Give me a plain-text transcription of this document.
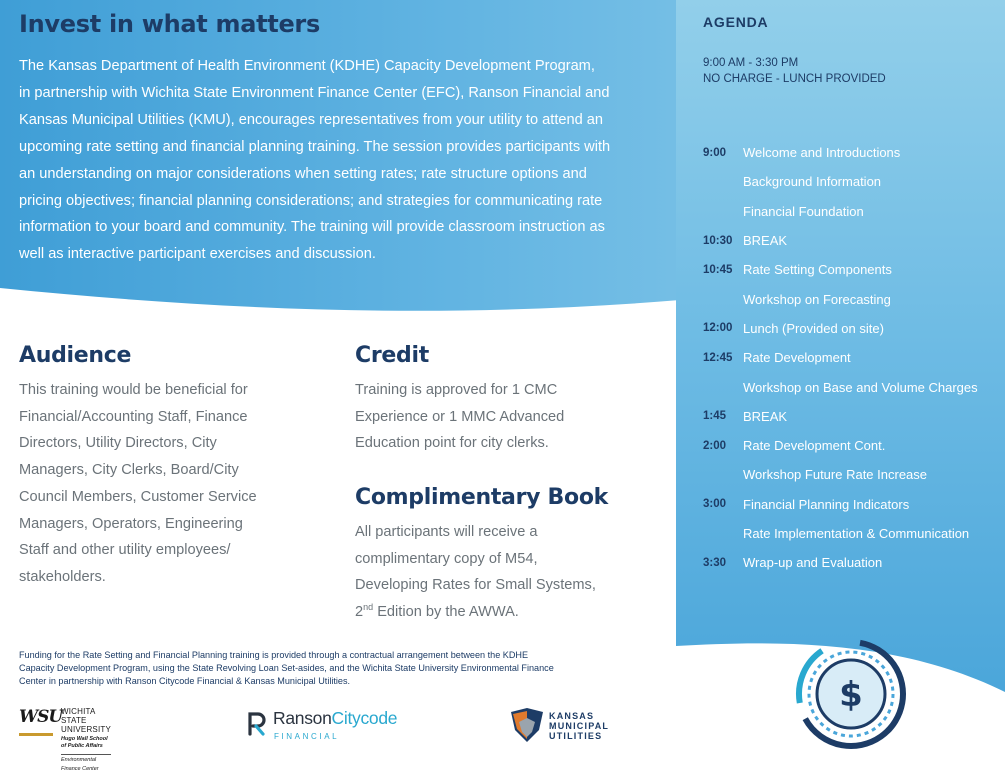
Invest in what matters
The Kansas Department of Health Environment (KDHE) Capacity Development Program,
in partnership with Wichita State Environment Finance Center (EFC), Ranson Financial and
Kansas Municipal Utilities (KMU), encourages representatives from your utility to attend an
upcoming rate setting and financial planning training. The session provides participants with
an understanding on major considerations when setting rates; rate structure options and
pricing objectives; financial planning considerations; and strategies for communicating rate
information to your board and community. The training will provide classroom instruction as
well as interactive participant exercises and discussion.
Audience
This training would be beneficial for
Financial/Accounting Staff, Finance
Directors, Utility Directors, City
Managers, City Clerks, Board/City
Council Members, Customer Service
Managers, Operators, Engineering
Staff and other utility employees/
stakeholders.
Credit
Training is approved for 1 CMC
Experience or 1 MMC Advanced
Education point for city clerks.
Complimentary Book
All participants will receive a
complimentary copy of M54,
Developing Rates for Small Systems,
2nd Edition by the AWWA.
AGENDA
9:00 AM - 3:30 PM
NO CHARGE - LUNCH PROVIDED
9:00	Welcome and Introductions
Background Information
Financial Foundation
10:30 BREAK
10:45 Rate Setting Components
Workshop on Forecasting
12:00 Lunch (Provided on site)
12:45 Rate Development
Workshop on Base and Volume Charges
1:45	BREAK
2:00	Rate Development Cont.
Workshop Future Rate Increase
3:00	Financial Planning Indicators
Rate Implementation & Communication
3:30	Wrap-up and Evaluation
Funding for the Rate Setting and Financial Planning training is provided through a contractual arrangement between the KDHE
Capacity Development Program, using the State Revolving Loan Set-asides, and the Wichita State University Environmental Finance
Center in partnership with Ranson Citycode Financial & Kansas Municipal Utilities.
WSU
WICHITA STATE
UNIVERSITY
Hugo Wall School
of Public Affairs
Environmental Finance Center
RansonCitycode
FINANCIAL
KANSAS
MUNICIPAL
UTILITIES
$
